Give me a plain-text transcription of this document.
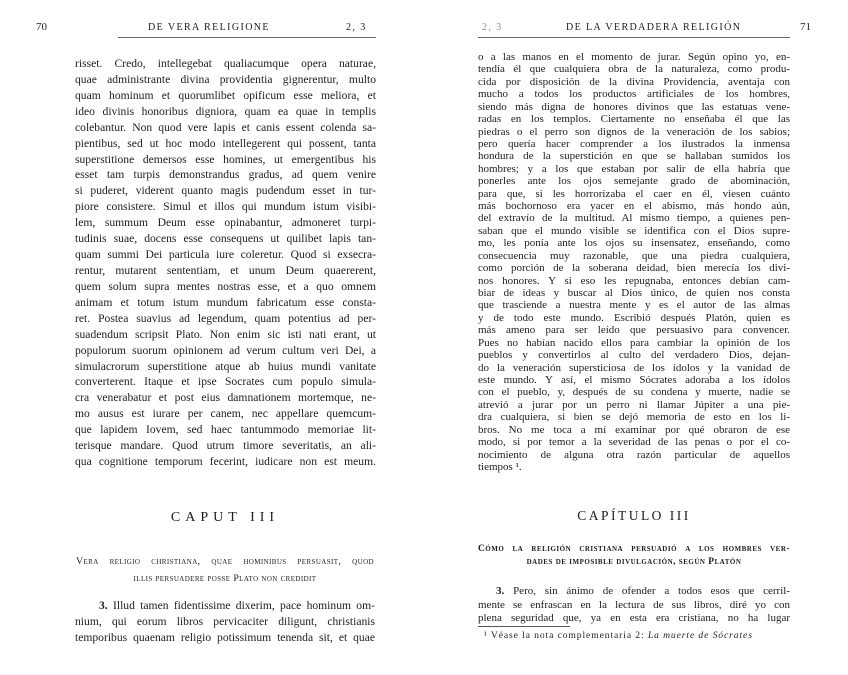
70	DE VERA RELIGIONE	2, 3
risset. Credo, intellegebat qualiacumque opera naturae,
quae administrante divina providentia gignerentur, multo
quam hominum et quorumlibet opificum esse meliora, et
ideo divinis honoribus digniora, quam ea quae in templis
colebantur. Non quod vere lapis et canis essent colenda sa-
pientibus, sed ut hoc modo intellegerent qui possent, tanta
superstitione demersos esse homines, ut emergentibus his
esset tam turpis demonstrandus gradus, ad quem venire
si puderet, viderent quanto magis pudendum esset in tur-
piore consistere. Simul et illos qui mundum istum visibi-
lem, summum Deum esse opinabantur, admoneret turpi-
tudinis suae, docens esse consequens ut quilibet lapis tan-
quam summi Dei particula iure coleretur. Quod si exsecra-
rentur, mutarent sententiam, et unum Deum quaererent,
quem solum supra mentes nostras esse, et a quo omnem
animam et totum istum mundum fabricatum esse consta-
ret. Postea suavius ad legendum, quam potentius ad per-
suadendum scripsit Plato. Non enim sic isti nati erant, ut
populorum suorum opinionem ad verum cultum veri Dei, a
simulacrorum superstitione atque ab huius mundi vanitate
converterent. Itaque et ipse Socrates cum populo simula-
cra venerabatur et post eius damnationem mortemque, ne-
mo ausus est iurare per canem, nec appellare quemcum-
que lapidem Iovem, sed haec tantummodo memoriae lit-
terisque mandare. Quod utrum timore severitatis, an ali-
qua cognitione temporum fecerint, iudicare non est meum.
CAPUT III
Vera religio christiana, quae hominibus persuasit, quod
illis persuadere posse Plato non credidit
3. Illud tamen fidentissime dixerim, pace hominum om-
nium, qui eorum libros pervicaciter diligunt, christianis
temporibus quaenam religio potissimum tenenda sit, et quae
2, 3	DE LA VERDADERA RELIGIÓN	71
o a las manos en el momento de jurar. Según opino yo, en-
tendía él que cualquiera obra de la naturaleza, como produ-
cida por disposición de la divina Providencia, aventaja con
mucho a todos los productos artificiales de los hombres,
siendo más digna de honores divinos que las estatuas vene-
radas en los templos. Ciertamente no enseñaba él que las
piedras o el perro son dignos de la veneración de los sabios;
pero quería hacer comprender a los ilustrados la inmensa
hondura de la superstición en que se hallaban sumidos los
hombres; y a los que estaban por salir de ella habría que
ponerles ante los ojos semejante grado de abominación,
para que, si les horrorizaba el caer en él, viesen cuánto
más bochornoso era yacer en el abismo, más hondo aún,
del extravío de la multitud. Al mismo tiempo, a quienes pen-
saban que el mundo visible se identifica con el Dios supre-
mo, les ponía ante los ojos su insensatez, enseñando, como
consecuencia muy razonable, que una piedra cualquiera,
como porción de la soberana deidad, bien merecía los divi-
nos honores. Y si eso les repugnaba, entonces debían cam-
biar de ideas y buscar al Dios único, de quien nos consta
que trasciende a nuestra mente y es el autor de las almas
y de todo este mundo. Escribió después Platón, quien es
más ameno para ser leído que persuasivo para convencer.
Pues no habían nacido ellos para cambiar la opinión de los
pueblos y convertirlos al culto del verdadero Dios, dejan-
do la veneración supersticiosa de los ídolos y la vanidad de
este mundo. Y así, el mismo Sócrates adoraba a los ídolos
con el pueblo, y, después de su condena y muerte, nadie se
atrevió a jurar por un perro ni llamar Júpiter a una pie-
dra cualquiera, si bien se dejó memoria de esto en los li-
bros. No me toca a mí examinar por qué obraron de ese
modo, si por temor a la severidad de las penas o por el co-
nocimiento de alguna otra razón particular de aquellos
tiempos ¹.
CAPÍTULO III
Cómo la religión cristiana persuadió a los hombres ver-
dades de imposible divulgación, según Platón
3. Pero, sin ánimo de ofender a todos esos que cerril-
mente se enfrascan en la lectura de sus libros, diré yo con
plena seguridad que, ya en esta era cristiana, no ha lugar
¹ Véase la nota complementaria 2: La muerte de Sócrates
